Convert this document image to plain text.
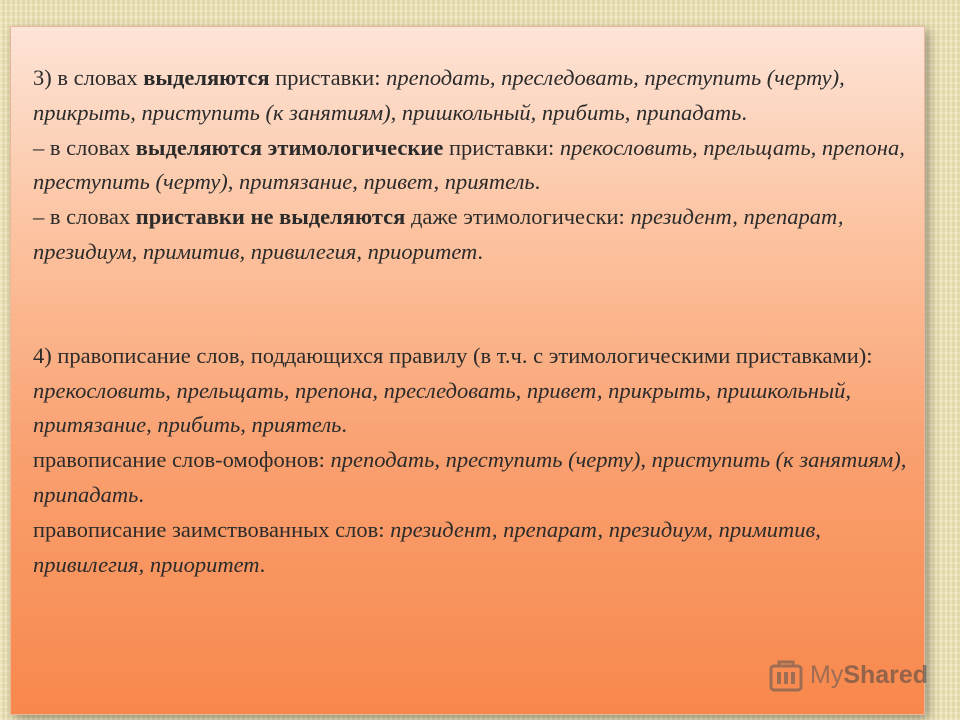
3) в словах выделяются приставки: преподать, преследовать, преступить (черту), прикрыть, приступить (к занятиям), пришкольный, прибить, припадать.

– в словах выделяются этимологические приставки: прекословить, прельщать, препона, преступить (черту), притязание, привет, приятель.

– в словах приставки не выделяются даже этимологически: президент, препарат, президиум, примитив, привилегия, приоритет.

4) правописание слов, поддающихся правилу (в т.ч. с этимологическими приставками): прекословить, прельщать, препона, преследовать, привет, прикрыть, пришкольный, притязание, прибить, приятель.

правописание слов-омофонов: преподать, преступить (черту), приступить (к занятиям), припадать.

правописание заимствованных слов: президент, препарат, президиум, примитив, привилегия, приоритет.

MyShared
